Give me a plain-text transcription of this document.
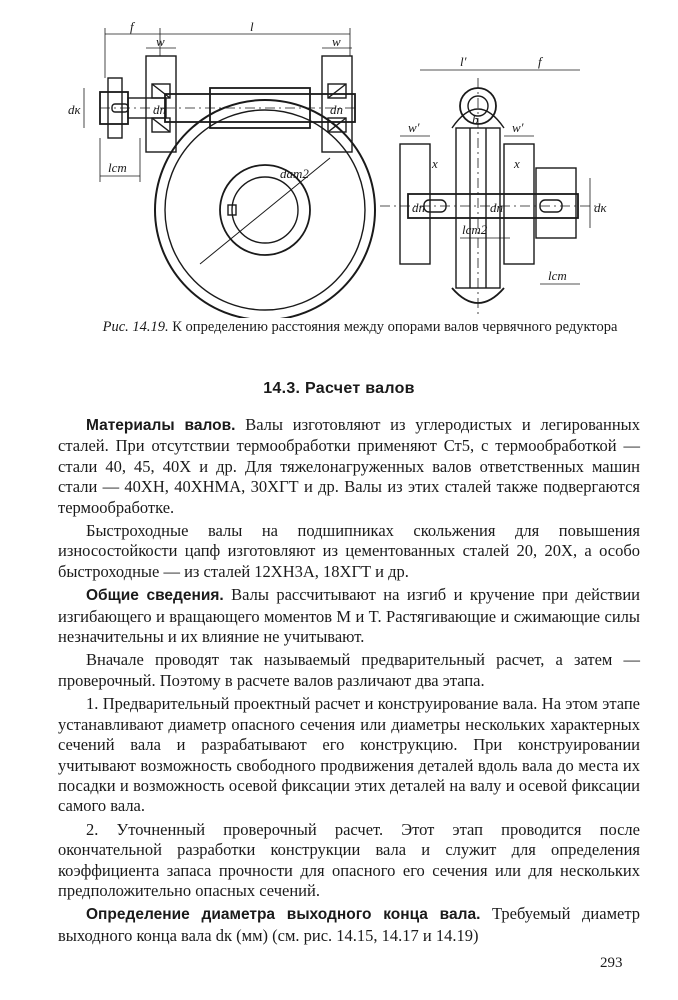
f	l
w	w
dк
lст
dп	dп
dam2
l′	f
w′	w′
x	x
b
dп	dк
dп
lст2
lст
Рис. 14.19. К определению расстояния между опорами валов червячного редуктора
14.3. Расчет валов

Материалы валов. Валы изготовляют из углеродистых и легированных сталей. При отсутствии термообработки применяют Ст5, с термообработкой — стали 40, 45, 40Х и др. Для тяжелонагруженных валов ответственных машин стали — 40ХН, 40ХНМА, 30ХГТ и др. Валы из этих сталей также подвергаются термообработке.

Быстроходные валы на подшипниках скольжения для повышения износостойкости цапф изготовляют из цементованных сталей 20, 20Х, а особо быстроходные — из сталей 12ХН3А, 18ХГТ и др.

Общие сведения. Валы рассчитывают на изгиб и кручение при действии изгибающего и вращающего моментов M и T. Растягивающие и сжимающие силы незначительны и их влияние не учитывают.

Вначале проводят так называемый предварительный расчет, а затем — проверочный. Поэтому в расчете валов различают два этапа.

1. Предварительный проектный расчет и конструирование вала. На этом этапе устанавливают диаметр опасного сечения или диаметры нескольких характерных сечений вала и разрабатывают его конструкцию. При конструировании учитывают возможность свободного продвижения деталей вдоль вала до места их посадки и возможность осевой фиксации этих деталей на валу и осевой фиксации самого вала.

2. Уточненный проверочный расчет. Этот этап проводится после окончательной разработки конструкции вала и служит для определения коэффициента запаса прочности для опасного его сечения или для нескольких предположительно опасных сечений.

Определение диаметра выходного конца вала. Требуемый диаметр выходного конца вала dк (мм) (см. рис. 14.15, 14.17 и 14.19)

293
